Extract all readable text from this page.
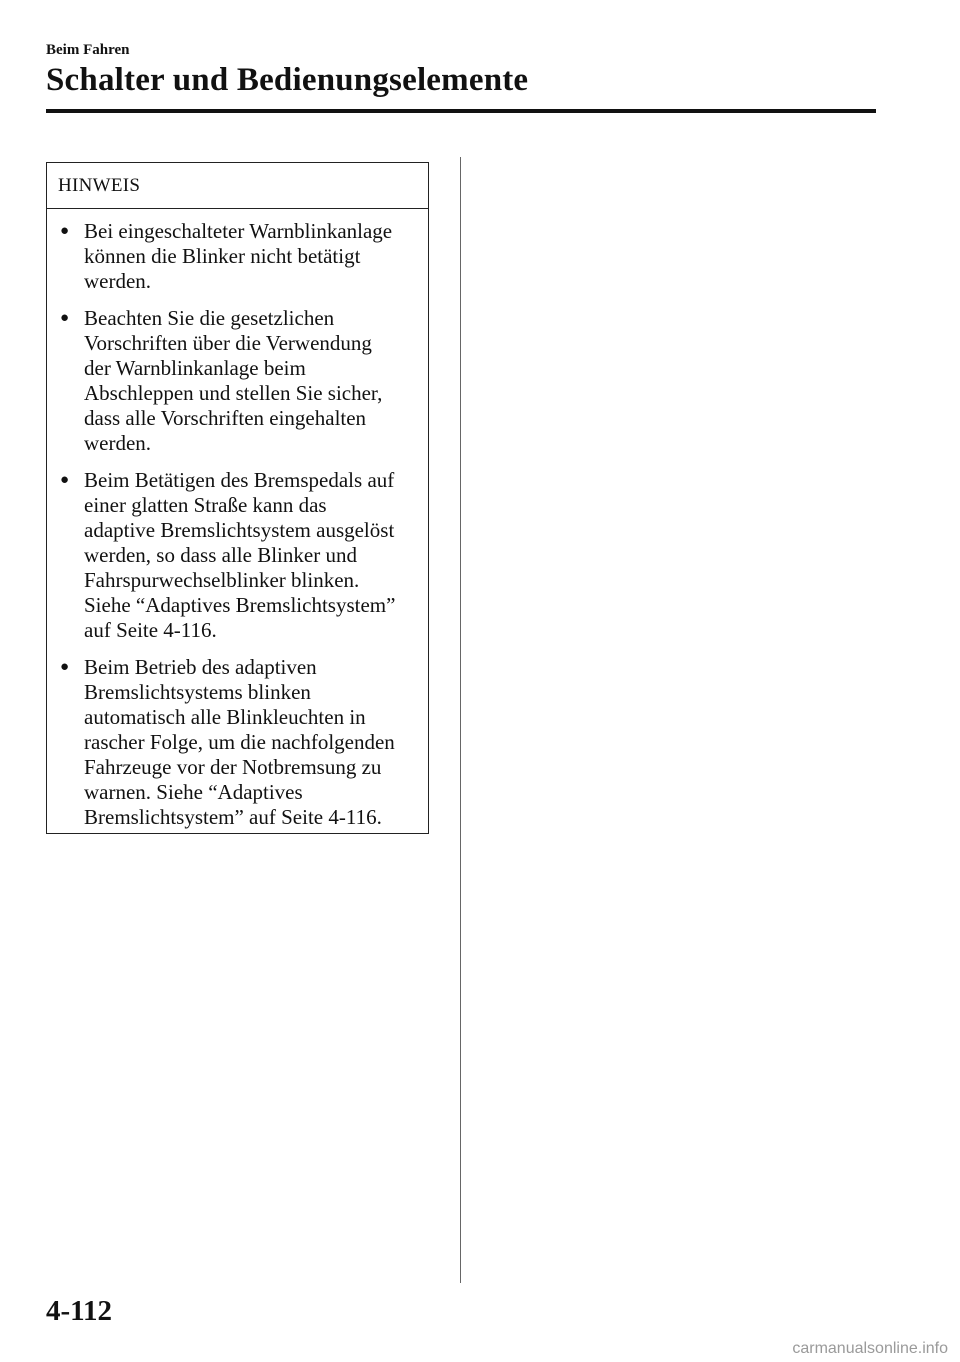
Beim Fahren
Schalter und Bedienungselemente
HINWEIS
● Bei eingeschalteter Warnblinkanlage
können die Blinker nicht betätigt
werden.
● Beachten Sie die gesetzlichen
Vorschriften über die Verwendung
der Warnblinkanlage beim
Abschleppen und stellen Sie sicher,
dass alle Vorschriften eingehalten
werden.
● Beim Betätigen des Bremspedals auf
einer glatten Straße kann das
adaptive Bremslichtsystem ausgelöst
werden, so dass alle Blinker und
Fahrspurwechselblinker blinken.
Siehe “Adaptives Bremslichtsystem”
auf Seite 4-116.
● Beim Betrieb des adaptiven
Bremslichtsystems blinken
automatisch alle Blinkleuchten in
rascher Folge, um die nachfolgenden
Fahrzeuge vor der Notbremsung zu
warnen. Siehe “Adaptives
Bremslichtsystem” auf Seite 4-116.
4-112
carmanualsonline.info
